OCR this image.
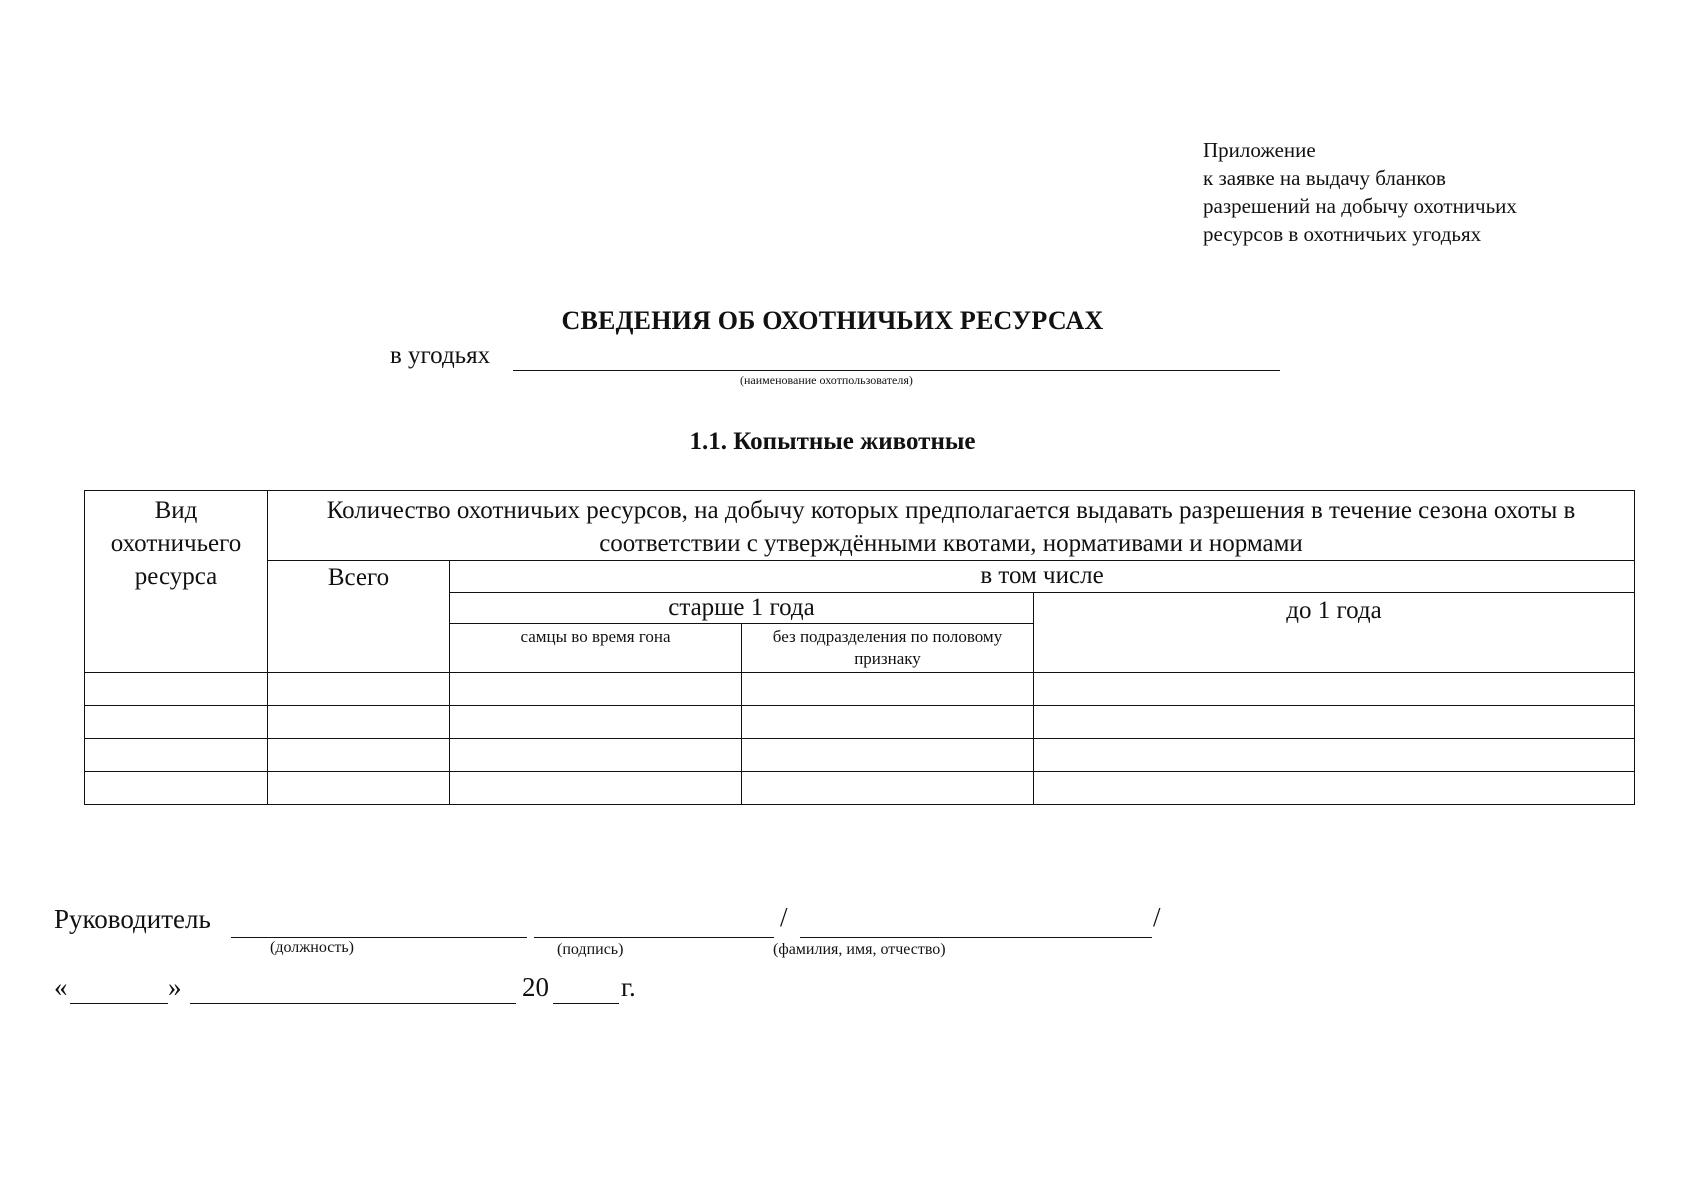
Приложение
к заявке на выдачу бланков
разрешений на добычу охотничьих
ресурсов в охотничьих угодьях
СВЕДЕНИЯ ОБ ОХОТНИЧЬИХ РЕСУРСАХ
в угодьях
(наименование охотпользователя)
1.1. Копытные животные
Вид охотничьего ресурса	Количество охотничьих ресурсов, на добычу которых предполагается выдавать разрешения в течение сезона охоты в соответствии с утверждёнными квотами, нормативами и нормами			
	Всего	в том числе		
		старше 1 года		до 1 года
		самцы во время гона	без подразделения по половому признаку	

Руководитель	/	/
(должность)	(подпись)	(фамилия, имя, отчество)
«	»	20	г.
